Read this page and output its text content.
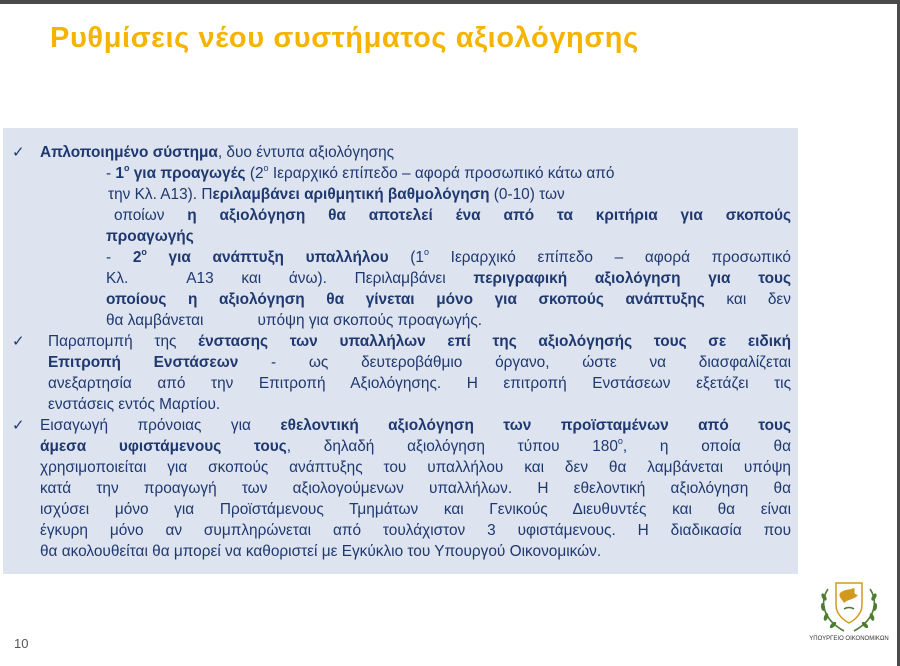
Ρυθμίσεις νέου συστήματος αξιολόγησης
✓ Απλοποιημένο σύστημα, δυο έντυπα αξιολόγησης
- $1^o$ για προαγωγές ($2^o$ Ιεραρχικό επίπεδο – αφορά προσωπικό κάτω από
την Κλ. Α13). Περιλαμβάνει αριθμητική βαθμολόγηση (0-10) των
οποίων η αξιολόγηση θα αποτελεί ένα από τα κριτήρια για σκοπούς
προαγωγής
- $2^o$ για ανάπτυξη υπαλλήλου ($1^o$ Ιεραρχικό επίπεδο – αφορά προσωπικό
Κλ.	Α13 και άνω). Περιλαμβάνει περιγραφική αξιολόγηση για τους
οποίους η αξιολόγηση θα γίνεται μόνο για σκοπούς ανάπτυξης και δεν
θα λαμβάνεται	υπόψη για σκοπούς προαγωγής.
✓ Παραπομπή της ένστασης των υπαλλήλων επί της αξιολόγησής τους σε ειδική
Επιτροπή Ενστάσεων - ως δευτεροβάθμιο όργανο, ώστε να διασφαλίζεται
ανεξαρτησία από την Επιτροπή Αξιολόγησης. Η επιτροπή Ενστάσεων εξετάζει τις
ενστάσεις εντός Μαρτίου.
✓ Εισαγωγή πρόνοιας για εθελοντική αξιολόγηση των προϊσταμένων από τους
άμεσα υφιστάμενους τους, δηλαδή αξιολόγηση τύπου $180^o$, η οποία θα
χρησιμοποιείται για σκοπούς ανάπτυξης του υπαλλήλου και δεν θα λαμβάνεται υπόψη
κατά την προαγωγή των αξιολογούμενων υπαλλήλων. Η εθελοντική αξιολόγηση θα
ισχύσει μόνο για Προϊστάμενους Τμημάτων και Γενικούς Διευθυντές και θα είναι
έγκυρη μόνο αν συμπληρώνεται από τουλάχιστον 3 υφιστάμενους. Η διαδικασία που
θα ακολουθείται θα μπορεί να καθοριστεί με Εγκύκλιο του Υπουργού Οικονομικών.
10	ΥΠΟΥΡΓΕΙΟ ΟΙΚΟΝΟΜΙΚΩΝ
